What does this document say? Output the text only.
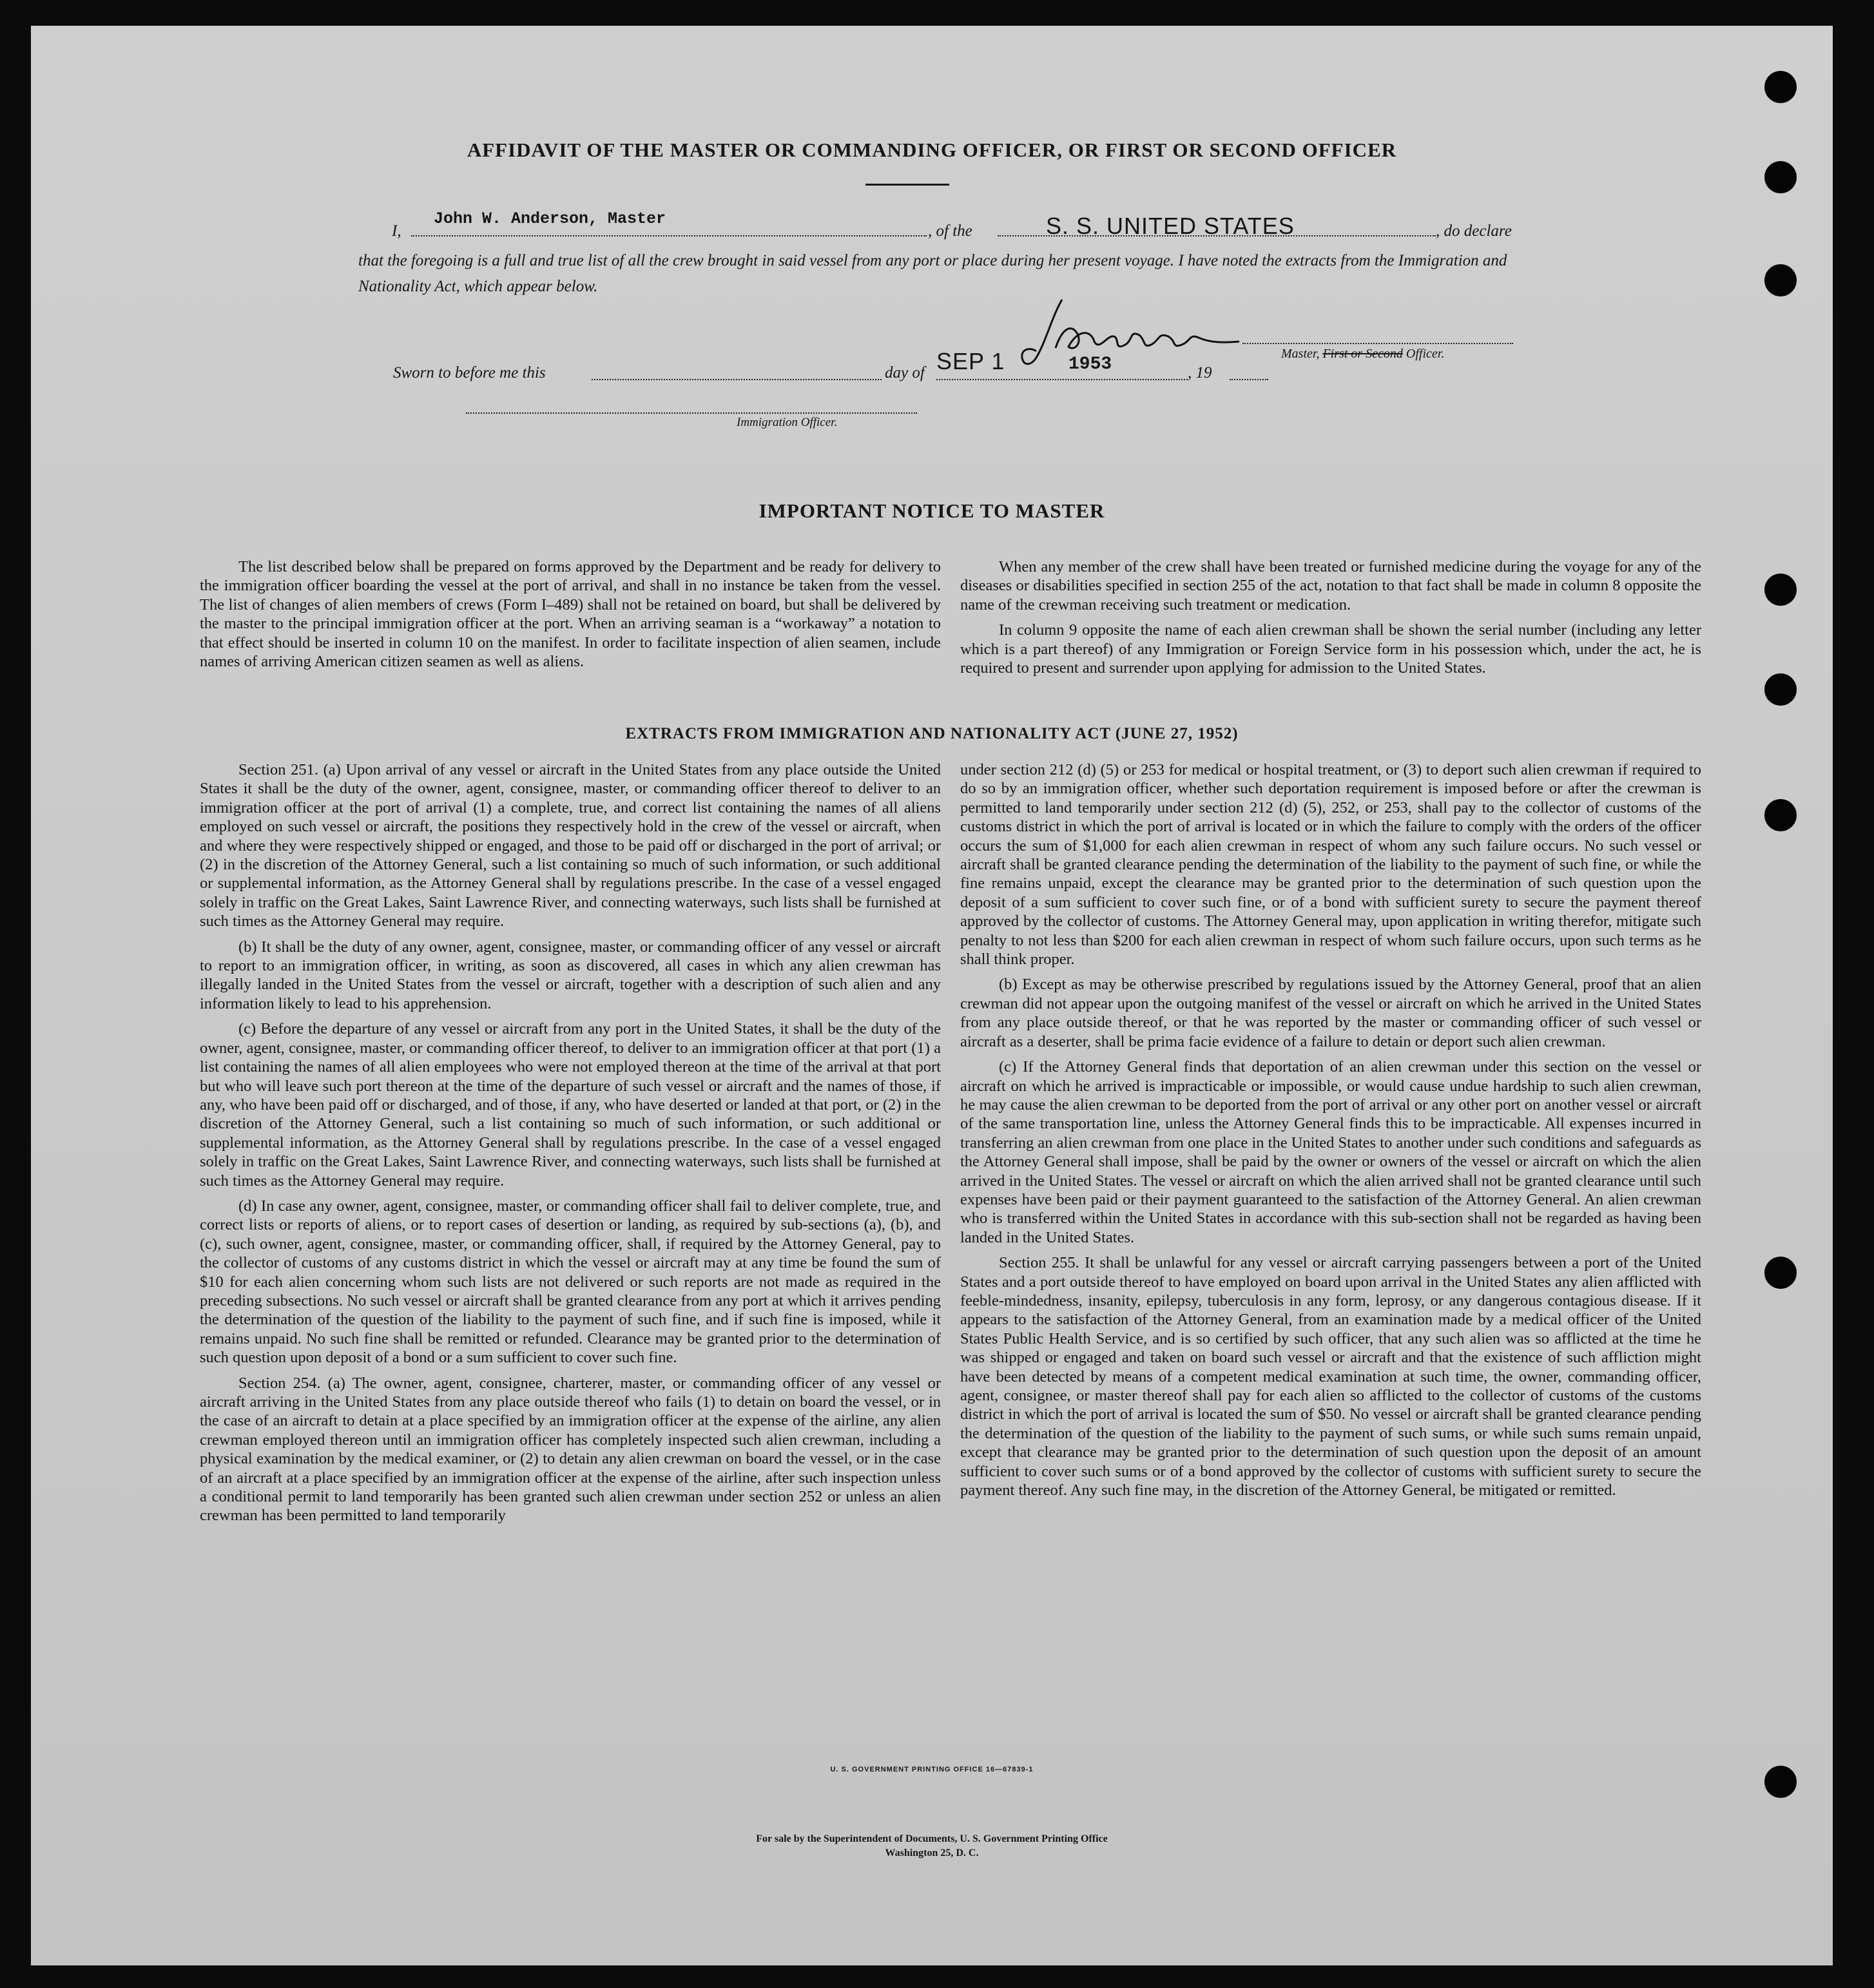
AFFIDAVIT OF THE MASTER OR COMMANDING OFFICER, OR FIRST OR SECOND OFFICER
I,
John W. Anderson, Master
, of the	S. S. UNITED STATES	, do declare
that the foregoing is a full and true list of all the crew brought in said vessel from any port or place during her present voyage. I have noted the extracts from the Immigration and Nationality Act, which appear below.
Master, First or Second Officer.
Sworn to before me this	day of SEP 1	1953	, 19
Immigration Officer.
IMPORTANT NOTICE TO MASTER

The list described below shall be prepared on forms approved by the Department and be ready for delivery to the immigration officer boarding the vessel at the port of arrival, and shall in no instance be taken from the vessel. The list of changes of alien members of crews (Form I–489) shall not be retained on board, but shall be delivered by the master to the principal immigration officer at the port. When an arriving seaman is a “workaway” a notation to that effect should be inserted in column 10 on the manifest. In order to facilitate inspection of alien seamen, include names of arriving American citizen seamen as well as aliens.

When any member of the crew shall have been treated or furnished medicine during the voyage for any of the diseases or disabilities specified in section 255 of the act, notation to that fact shall be made in column 8 opposite the name of the crewman receiving such treatment or medication.

In column 9 opposite the name of each alien crewman shall be shown the serial number (including any letter which is a part thereof) of any Immigration or Foreign Service form in his possession which, under the act, he is required to present and surrender upon applying for admission to the United States.

EXTRACTS FROM IMMIGRATION AND NATIONALITY ACT (JUNE 27, 1952)

Section 251. (a) Upon arrival of any vessel or aircraft in the United States from any place outside the United States it shall be the duty of the owner, agent, consignee, master, or commanding officer thereof to deliver to an immigration officer at the port of arrival (1) a complete, true, and correct list containing the names of all aliens employed on such vessel or aircraft, the positions they respectively hold in the crew of the vessel or aircraft, when and where they were respectively shipped or engaged, and those to be paid off or discharged in the port of arrival; or (2) in the discretion of the Attorney General, such a list containing so much of such information, or such additional or supplemental information, as the Attorney General shall by regulations prescribe. In the case of a vessel engaged solely in traffic on the Great Lakes, Saint Lawrence River, and connecting waterways, such lists shall be furnished at such times as the Attorney General may require.

(b) It shall be the duty of any owner, agent, consignee, master, or commanding officer of any vessel or aircraft to report to an immigration officer, in writing, as soon as discovered, all cases in which any alien crewman has illegally landed in the United States from the vessel or aircraft, together with a description of such alien and any information likely to lead to his apprehension.

(c) Before the departure of any vessel or aircraft from any port in the United States, it shall be the duty of the owner, agent, consignee, master, or commanding officer thereof, to deliver to an immigration officer at that port (1) a list containing the names of all alien employees who were not employed thereon at the time of the arrival at that port but who will leave such port thereon at the time of the departure of such vessel or aircraft and the names of those, if any, who have been paid off or discharged, and of those, if any, who have deserted or landed at that port, or (2) in the discretion of the Attorney General, such a list containing so much of such information, or such additional or supplemental information, as the Attorney General shall by regulations prescribe. In the case of a vessel engaged solely in traffic on the Great Lakes, Saint Lawrence River, and connecting waterways, such lists shall be furnished at such times as the Attorney General may require.

(d) In case any owner, agent, consignee, master, or commanding officer shall fail to deliver complete, true, and correct lists or reports of aliens, or to report cases of desertion or landing, as required by sub-sections (a), (b), and (c), such owner, agent, consignee, master, or commanding officer, shall, if required by the Attorney General, pay to the collector of customs of any customs district in which the vessel or aircraft may at any time be found the sum of $10 for each alien concerning whom such lists are not delivered or such reports are not made as required in the preceding subsections. No such vessel or aircraft shall be granted clearance from any port at which it arrives pending the determination of the question of the liability to the payment of such fine, and if such fine is imposed, while it remains unpaid. No such fine shall be remitted or refunded. Clearance may be granted prior to the determination of such question upon deposit of a bond or a sum sufficient to cover such fine.

Section 254. (a) The owner, agent, consignee, charterer, master, or commanding officer of any vessel or aircraft arriving in the United States from any place outside thereof who fails (1) to detain on board the vessel, or in the case of an aircraft to detain at a place specified by an immigration officer at the expense of the airline, any alien crewman employed thereon until an immigration officer has completely inspected such alien crewman, including a physical examination by the medical examiner, or (2) to detain any alien crewman on board the vessel, or in the case of an aircraft at a place specified by an immigration officer at the expense of the airline, after such inspection unless a conditional permit to land temporarily has been granted such alien crewman under section 252 or unless an alien crewman has been permitted to land temporarily

under section 212 (d) (5) or 253 for medical or hospital treatment, or (3) to deport such alien crewman if required to do so by an immigration officer, whether such deportation requirement is imposed before or after the crewman is permitted to land temporarily under section 212 (d) (5), 252, or 253, shall pay to the collector of customs of the customs district in which the port of arrival is located or in which the failure to comply with the orders of the officer occurs the sum of $1,000 for each alien crewman in respect of whom any such failure occurs. No such vessel or aircraft shall be granted clearance pending the determination of the liability to the payment of such fine, or while the fine remains unpaid, except the clearance may be granted prior to the determination of such question upon the deposit of a sum sufficient to cover such fine, or of a bond with sufficient surety to secure the payment thereof approved by the collector of customs. The Attorney General may, upon application in writing therefor, mitigate such penalty to not less than $200 for each alien crewman in respect of whom such failure occurs, upon such terms as he shall think proper.

(b) Except as may be otherwise prescribed by regulations issued by the Attorney General, proof that an alien crewman did not appear upon the outgoing manifest of the vessel or aircraft on which he arrived in the United States from any place outside thereof, or that he was reported by the master or commanding officer of such vessel or aircraft as a deserter, shall be prima facie evidence of a failure to detain or deport such alien crewman.

(c) If the Attorney General finds that deportation of an alien crewman under this section on the vessel or aircraft on which he arrived is impracticable or impossible, or would cause undue hardship to such alien crewman, he may cause the alien crewman to be deported from the port of arrival or any other port on another vessel or aircraft of the same transportation line, unless the Attorney General finds this to be impracticable. All expenses incurred in transferring an alien crewman from one place in the United States to another under such conditions and safeguards as the Attorney General shall impose, shall be paid by the owner or owners of the vessel or aircraft on which the alien arrived in the United States. The vessel or aircraft on which the alien arrived shall not be granted clearance until such expenses have been paid or their payment guaranteed to the satisfaction of the Attorney General. An alien crewman who is transferred within the United States in accordance with this sub-section shall not be regarded as having been landed in the United States.

Section 255. It shall be unlawful for any vessel or aircraft carrying passengers between a port of the United States and a port outside thereof to have employed on board upon arrival in the United States any alien afflicted with feeble-mindedness, insanity, epilepsy, tuberculosis in any form, leprosy, or any dangerous contagious disease. If it appears to the satisfaction of the Attorney General, from an examination made by a medical officer of the United States Public Health Service, and is so certified by such officer, that any such alien was so afflicted at the time he was shipped or engaged and taken on board such vessel or aircraft and that the existence of such affliction might have been detected by means of a competent medical examination at such time, the owner, commanding officer, agent, consignee, or master thereof shall pay for each alien so afflicted to the collector of customs of the customs district in which the port of arrival is located the sum of $50. No vessel or aircraft shall be granted clearance pending the determination of the question of the liability to the payment of such sums, or while such sums remain unpaid, except that clearance may be granted prior to the determination of such question upon the deposit of an amount sufficient to cover such sums or of a bond approved by the collector of customs with sufficient surety to secure the payment thereof. Any such fine may, in the discretion of the Attorney General, be mitigated or remitted.

U. S. GOVERNMENT PRINTING OFFICE 16—67839-1
For sale by the Superintendent of Documents, U. S. Government Printing Office
Washington 25, D. C.
